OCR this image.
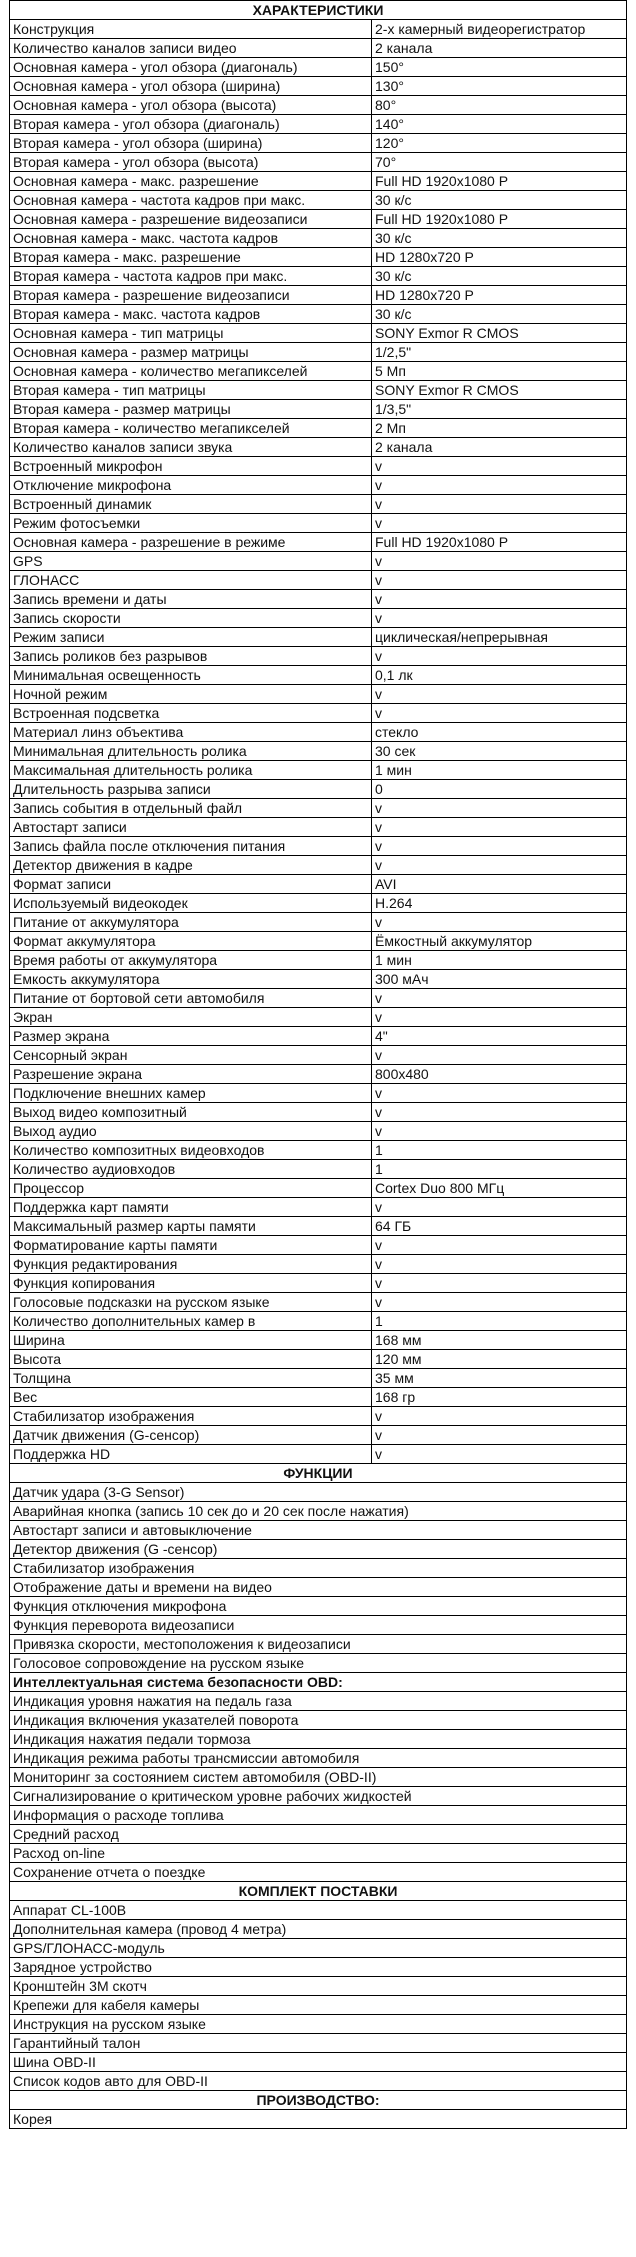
ХАРАКТЕРИСТИКИ
Конструкция	2-х камерный видеорегистратор
Количество каналов записи видео	2 канала
Основная камера - угол обзора (диагональ)	150°
Основная камера - угол обзора (ширина)	130°
Основная камера - угол обзора (высота)	80°
Вторая камера - угол обзора (диагональ)	140°
Вторая камера - угол обзора (ширина)	120°
Вторая камера - угол обзора (высота)	70°
Основная камера - макс. разрешение	Full HD 1920x1080 P
Основная камера - частота кадров при макс.	30 к/с
Основная камера - разрешение видеозаписи	Full HD 1920x1080 P
Основная камера - макс. частота кадров	30 к/с
Вторая камера - макс. разрешение	HD 1280x720 P
Вторая камера - частота кадров при макс.	30 к/с
Вторая камера - разрешение видеозаписи	HD 1280x720 P
Вторая камера - макс. частота кадров	30 к/с
Основная камера - тип матрицы	SONY Exmor R CMOS
Основная камера - размер матрицы	1/2,5"
Основная камера - количество мегапикселей	5 Мп
Вторая камера - тип матрицы	SONY Exmor R CMOS
Вторая камера - размер матрицы	1/3,5"
Вторая камера - количество мегапикселей	2 Мп
Количество каналов записи звука	2 канала
Встроенный микрофон	v
Отключение микрофона	v
Встроенный динамик	v
Режим фотосъемки	v
Основная камера - разрешение в режиме	Full HD 1920x1080 P
GPS	v
ГЛОНАСС	v
Запись времени и даты	v
Запись скорости	v
Режим записи	циклическая/непрерывная
Запись роликов без разрывов	v
Минимальная освещенность	0,1 лк
Ночной режим	v
Встроенная подсветка	v
Материал линз объектива	стекло
Минимальная длительность ролика	30 сек
Максимальная длительность ролика	1 мин
Длительность разрыва записи	0
Запись события в отдельный файл	v
Автостарт записи	v
Запись файла после отключения питания	v
Детектор движения в кадре	v
Формат записи	AVI
Используемый видеокодек	H.264
Питание от аккумулятора	v
Формат аккумулятора	Ёмкостный аккумулятор
Время работы от аккумулятора	1 мин
Емкость аккумулятора	300 мАч
Питание от бортовой сети автомобиля	v
Экран	v
Размер экрана	4"
Сенсорный экран	v
Разрешение экрана	800x480
Подключение внешних камер	v
Выход видео композитный	v
Выход аудио	v
Количество композитных видеовходов	1
Количество аудиовходов	1
Процессор	Cortex Duo 800 МГц
Поддержка карт памяти	v
Максимальный размер карты памяти	64 ГБ
Форматирование карты памяти	v
Функция редактирования	v
Функция копирования	v
Голосовые подсказки на русском языке	v
Количество дополнительных камер в	1
Ширина	168 мм
Высота	120 мм
Толщина	35 мм
Вес	168 гр
Стабилизатор изображения	v
Датчик движения (G-сенсор)	v
Поддержка HD	v
ФУНКЦИИ
Датчик удара (3-G Sensor)
Аварийная кнопка (запись 10 сек до и 20 сек после нажатия)
Автостарт записи и автовыключение
Детектор движения (G -сенсор)
Стабилизатор изображения
Отображение даты и времени на видео
Функция отключения микрофона
Функция переворота видеозаписи
Привязка скорости, местоположения к видеозаписи
Голосовое сопровождение на русском языке
Интеллектуальная система безопасности OBD:
Индикация уровня нажатия на педаль газа
Индикация включения указателей поворота
Индикация нажатия педали тормоза
Индикация режима работы трансмиссии автомобиля
Мониторинг за состоянием систем автомобиля (OBD-II)
Сигнализирование о критическом уровне рабочих жидкостей
Информация о расходе топлива
Средний расход
Расход on-line
Сохранение отчета о поездке
КОМПЛЕКТ ПОСТАВКИ
Аппарат CL-100B
Дополнительная камера (провод 4 метра)
GPS/ГЛОНАСС-модуль
Зарядное устройство
Кронштейн 3М скотч
Крепежи для кабеля камеры
Инструкция на русском языке
Гарантийный талон
Шина OBD-II
Список кодов авто для OBD-II
ПРОИЗВОДСТВО:
Корея
